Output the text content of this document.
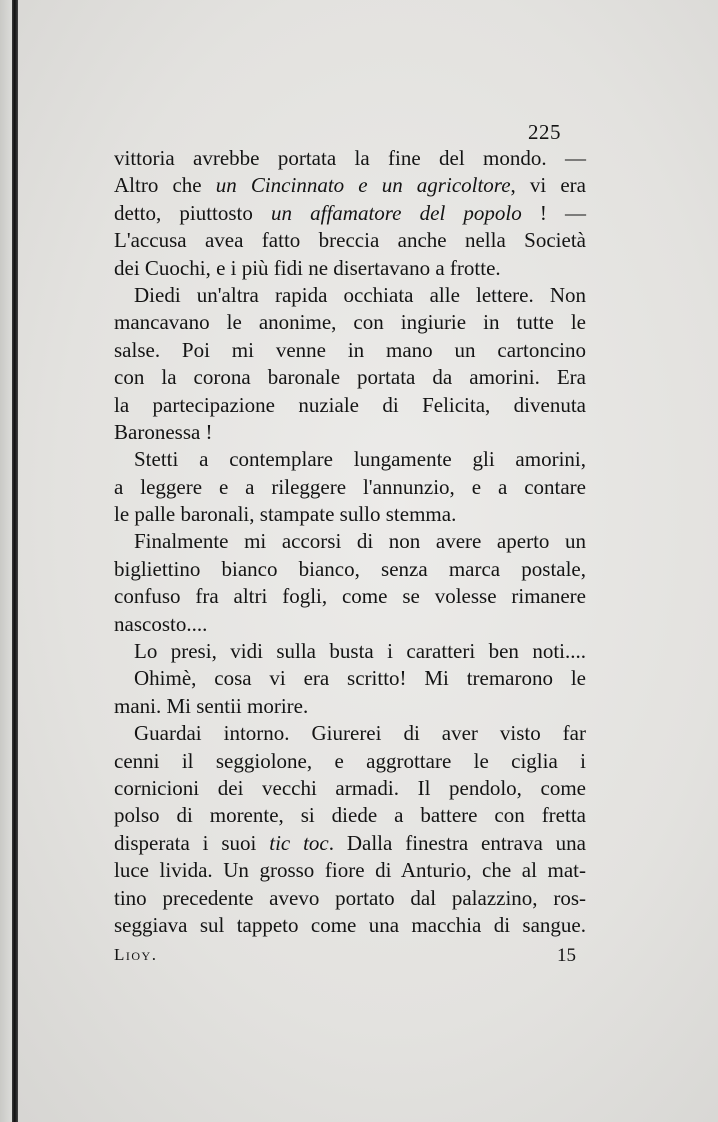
225
vittoria avrebbe portata la fine del mondo. —
Altro che un Cincinnato e un agricoltore, vi era
detto, piuttosto un affamatore del popolo ! —
L'accusa avea fatto breccia anche nella Società
dei Cuochi, e i più fidi ne disertavano a frotte.
Diedi un'altra rapida occhiata alle lettere. Non
mancavano le anonime, con ingiurie in tutte le
salse. Poi mi venne in mano un cartoncino
con la corona baronale portata da amorini. Era
la partecipazione nuziale di Felicita, divenuta
Baronessa !
Stetti a contemplare lungamente gli amorini,
a leggere e a rileggere l'annunzio, e a contare
le palle baronali, stampate sullo stemma.
Finalmente mi accorsi di non avere aperto un
bigliettino bianco bianco, senza marca postale,
confuso fra altri fogli, come se volesse rimanere
nascosto....
Lo presi, vidi sulla busta i caratteri ben noti....
Ohimè, cosa vi era scritto! Mi tremarono le
mani. Mi sentii morire.
Guardai intorno. Giurerei di aver visto far
cenni il seggiolone, e aggrottare le ciglia i
cornicioni dei vecchi armadi. Il pendolo, come
polso di morente, si diede a battere con fretta
disperata i suoi tic toc. Dalla finestra entrava una
luce livida. Un grosso fiore di Anturio, che al mat-
tino precedente avevo portato dal palazzino, ros-
seggiava sul tappeto come una macchia di sangue.
Lioy.	15
